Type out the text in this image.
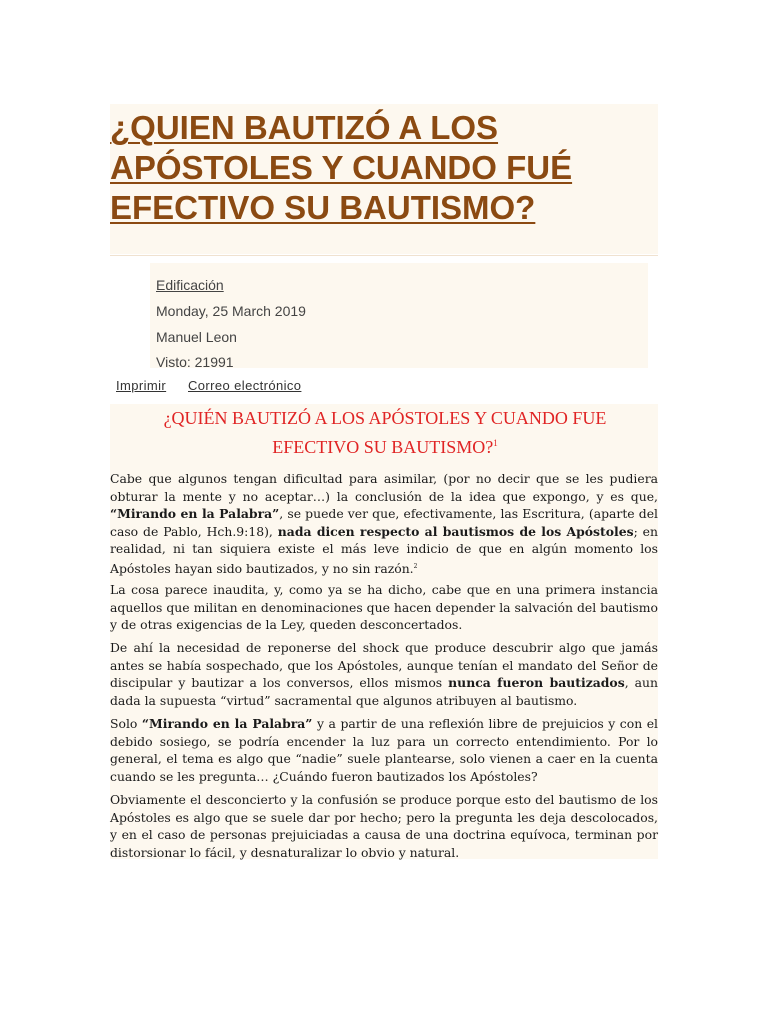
¿QUIEN BAUTIZÓ A LOS APÓSTOLES Y CUANDO FUÉ EFECTIVO SU BAUTISMO?
Edificación
Monday, 25 March 2019
Manuel Leon
Visto: 21991
Imprimir Correo electrónico
¿QUIÉN BAUTIZÓ A LOS APÓSTOLES Y CUANDO FUE EFECTIVO SU BAUTISMO?$^1$

Cabe que algunos tengan dificultad para asimilar, (por no decir que se les pudiera obturar la mente y no aceptar…) la conclusión de la idea que expongo, y es que, “Mirando en la Palabra”, se puede ver que, efectivamente, las Escritura, (aparte del caso de Pablo, Hch.9:18), nada dicen respecto al bautismos de los Apóstoles; en realidad, ni tan siquiera existe el más leve indicio de que en algún momento los Apóstoles hayan sido bautizados, y no sin razón.$^2$

La cosa parece inaudita, y, como ya se ha dicho, cabe que en una primera instancia aquellos que militan en denominaciones que hacen depender la salvación del bautismo y de otras exigencias de la Ley, queden desconcertados.

De ahí la necesidad de reponerse del shock que produce descubrir algo que jamás antes se había sospechado, que los Apóstoles, aunque tenían el mandato del Señor de discipular y bautizar a los conversos, ellos mismos nunca fueron bautizados, aun dada la supuesta “virtud” sacramental que algunos atribuyen al bautismo.

Solo “Mirando en la Palabra” y a partir de una reflexión libre de prejuicios y con el debido sosiego, se podría encender la luz para un correcto entendimiento. Por lo general, el tema es algo que “nadie” suele plantearse, solo vienen a caer en la cuenta cuando se les pregunta… ¿Cuándo fueron bautizados los Apóstoles?

Obviamente el desconcierto y la confusión se produce porque esto del bautismo de los Apóstoles es algo que se suele dar por hecho; pero la pregunta les deja descolocados, y en el caso de personas prejuiciadas a causa de una doctrina equívoca, terminan por distorsionar lo fácil, y desnaturalizar lo obvio y natural.
